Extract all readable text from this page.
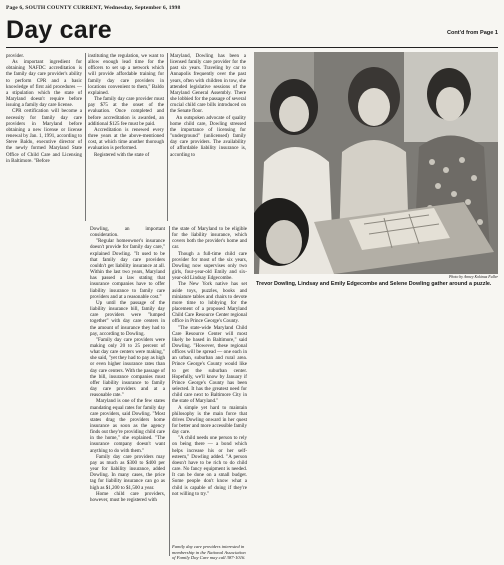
Page 6, SOUTH COUNTY CURRENT, Wednesday, September 6, 1998
Day care	Cont'd from Page 1

provider.

As important ingredient for obtaining NAFDC accreditation is the family day care provider's ability to perform CPR and a basic knowledge of first aid procedures — a stipulation which the state of Maryland doesn't require before issuing a family day care license.

CPR certification will become a necessity for family day care providers in Maryland before obtaining a new license or license renewal by Jan. 1, 1991, according to Steve Baldo, executive director of the newly formed Maryland State Office of Child Care and Licensing in Baltimore. "Before

instituting the regulation, we want to allow enough lead time for the officers to set up a network which will provide affordable training for family day care providers in locations convenient to them," Baldo explained.

The family day care provider must pay $75 at the onset of the evaluation. Once completed and before accreditation is awarded, an additional $125 fee must be paid.

Accreditation is renewed every three years at the above-mentioned cost, at which time another thorough evaluation is performed.

Registered with the state of

Maryland, Dowling has been a licensed family care provider for the past six years. Traveling by car to Annapolis frequently over the past years, often with children in tow, she attended legislative sessions of the Maryland General Assembly. There she lobbied for the passage of several crucial child care bills introduced on the Senate floor.

An outspoken advocate of quality home child care, Dowling stressed the importance of licensing for "underground" (unlicensed) family day care providers. The availability of affordable liability insurance is, according to

Photo by Anney Kokinas Fuller
Trevor Dowling, Lindsay and Emily Edgecombe and Selene Dowling gather around a puzzle.

Dowling, an important consideration.

"Regular homeowner's insurance doesn't provide for family day care," explained Dowling. "It used to be that family day care providers couldn't get liability insurance at all. Within the last two years, Maryland has passed a law stating that insurance companies have to offer liability insurance to family care providers and at a reasonable cost."

Up until the passage of the liability insurance bill, family day care providers were "lumped together" with day care centers in the amount of insurance they had to pay, according to Dowling.

"Family day care providers were making only 20 to 25 percent of what day care centers were making," she said, "yet they had to pay as high or even higher insurance rates than day care centers. With the passage of the bill, insurance companies must offer liability insurance to family day care providers and at a reasonable rate."

Maryland is one of the few states mandating equal rates for family day care providers, said Dowling. "Most states drag the providers home insurance as soon as the agency finds out they're providing child care in the home," she explained. "The insurance company doesn't want anything to do with them."

Family day care providers may pay as much as $300 to $400 per year for liability insurance, added Dowling. In many cases, the price tag for liability insurance can go as high as $1,200 to $1,500 a year.

Home child care providers, however, must be registered with

the state of Maryland to be eligible for the liability insurance, which covers both the provider's home and car.

Though a full-time child care provider for most of the six years, Dowling now supervises only two girls, four-year-old Emily and six-year-old Lindsay Edgecombe.

The New York native has set aside toys, puzzles, books and miniature tables and chairs to devote more time to lobbying for the placement of a proposed Maryland Child Care Resource Center regional office in Prince George's County.

"The state-wide Maryland Child Care Resource Center will most likely be based in Baltimore," said Dowling. "However, these regional offices will be spread — one each in an urban, suburban and rural area. Prince George's County would like to get the suburban center. Hopefully, we'll know by January if Prince George's County has been selected. It has the greatest need for child care next to Baltimore City in the state of Maryland."

A simple yet hard to maintain philosophy is the main force that drives Dowling onward in her quest for better and more accessible family day care.

"A child needs one person to rely on being there — a bond which helps increase his or her self-esteem," Dowling added. "A person doesn't have to be rich to do child care. No fancy equipment is needed. It can be done on a small budget. Some people don't know what a child is capable of doing if they're not willing to try."

Family day care providers interested in membership in the National Association of Family Day Care may call 387-1016.
